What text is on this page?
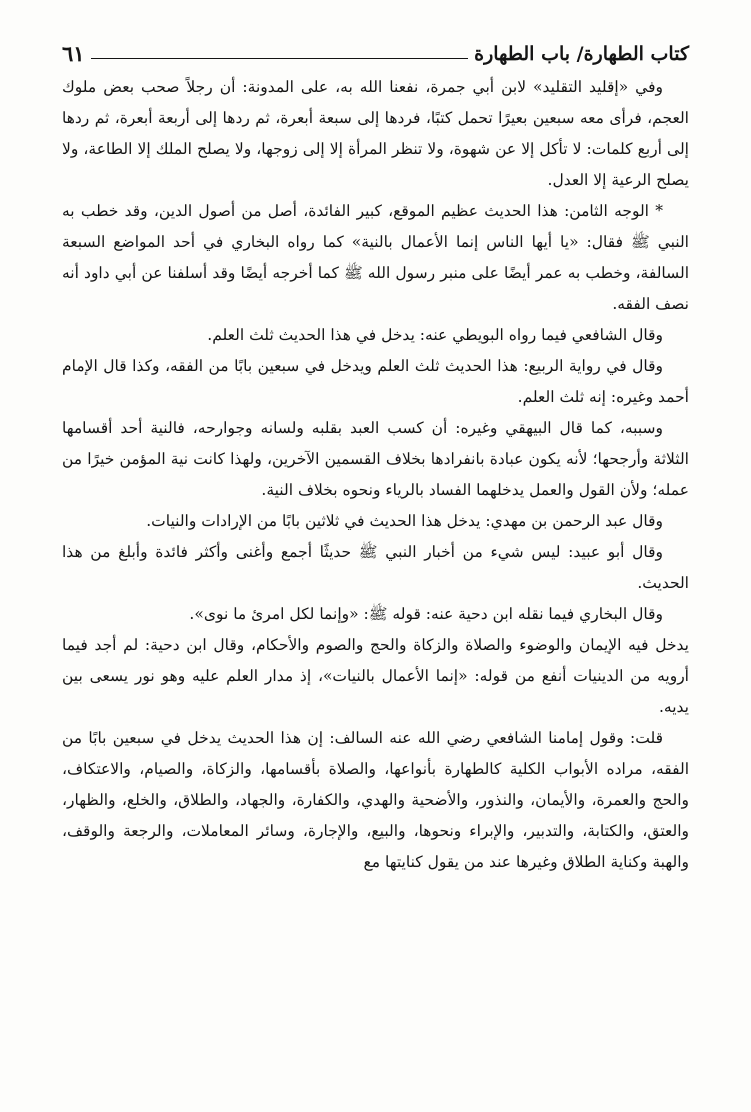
كتاب الطهارة/ باب الطهارة
٦١

وفي «إقليد التقليد» لابن أبي جمرة، نفعنا الله به، على المدونة: أن رجلاً صحب بعض ملوك العجم، فرأى معه سبعين بعيرًا تحمل كتبًا، فردها إلى سبعة أبعرة، ثم ردها إلى أربعة أبعرة، ثم ردها إلى أربع كلمات: لا تأكل إلا عن شهوة، ولا تنظر المرأة إلا إلى زوجها، ولا يصلح الملك إلا الطاعة، ولا يصلح الرعية إلا العدل.

* الوجه الثامن: هذا الحديث عظيم الموقع، كبير الفائدة، أصل من أصول الدين، وقد خطب به النبي ﷺ فقال: «يا أيها الناس إنما الأعمال بالنية» كما رواه البخاري في أحد المواضع السبعة السالفة، وخطب به عمر أيضًا على منبر رسول الله ﷺ كما أخرجه أيضًا وقد أسلفنا عن أبي داود أنه نصف الفقه.

وقال الشافعي فيما رواه البويطي عنه: يدخل في هذا الحديث ثلث العلم.

وقال في رواية الربيع: هذا الحديث ثلث العلم ويدخل في سبعين بابًا من الفقه، وكذا قال الإمام أحمد وغيره: إنه ثلث العلم.

وسببه، كما قال البيهقي وغيره: أن كسب العبد بقلبه ولسانه وجوارحه، فالنية أحد أقسامها الثلاثة وأرجحها؛ لأنه يكون عبادة بانفرادها بخلاف القسمين الآخرين، ولهذا كانت نية المؤمن خيرًا من عمله؛ ولأن القول والعمل يدخلهما الفساد بالرياء ونحوه بخلاف النية.

وقال عبد الرحمن بن مهدي: يدخل هذا الحديث في ثلاثين بابًا من الإرادات والنيات.

وقال أبو عبيد: ليس شيء من أخبار النبي ﷺ حديثًا أجمع وأغنى وأكثر فائدة وأبلغ من هذا الحديث.

وقال البخاري فيما نقله ابن دحية عنه: قوله ﷺ: «وإنما لكل امرئ ما نوى».

يدخل فيه الإيمان والوضوء والصلاة والزكاة والحج والصوم والأحكام، وقال ابن دحية: لم أجد فيما أرويه من الدينيات أنفع من قوله: «إنما الأعمال بالنيات»، إذ مدار العلم عليه وهو نور يسعى بين يديه.

قلت: وقول إمامنا الشافعي رضي الله عنه السالف: إن هذا الحديث يدخل في سبعين بابًا من الفقه، مراده الأبواب الكلية كالطهارة بأنواعها، والصلاة بأقسامها، والزكاة، والصيام، والاعتكاف، والحج والعمرة، والأيمان، والنذور، والأضحية والهدي، والكفارة، والجهاد، والطلاق، والخلع، والظهار، والعتق، والكتابة، والتدبير، والإبراء ونحوها، والبيع، والإجارة، وسائر المعاملات، والرجعة والوقف، والهبة وكناية الطلاق وغيرها عند من يقول كنايتها مع
